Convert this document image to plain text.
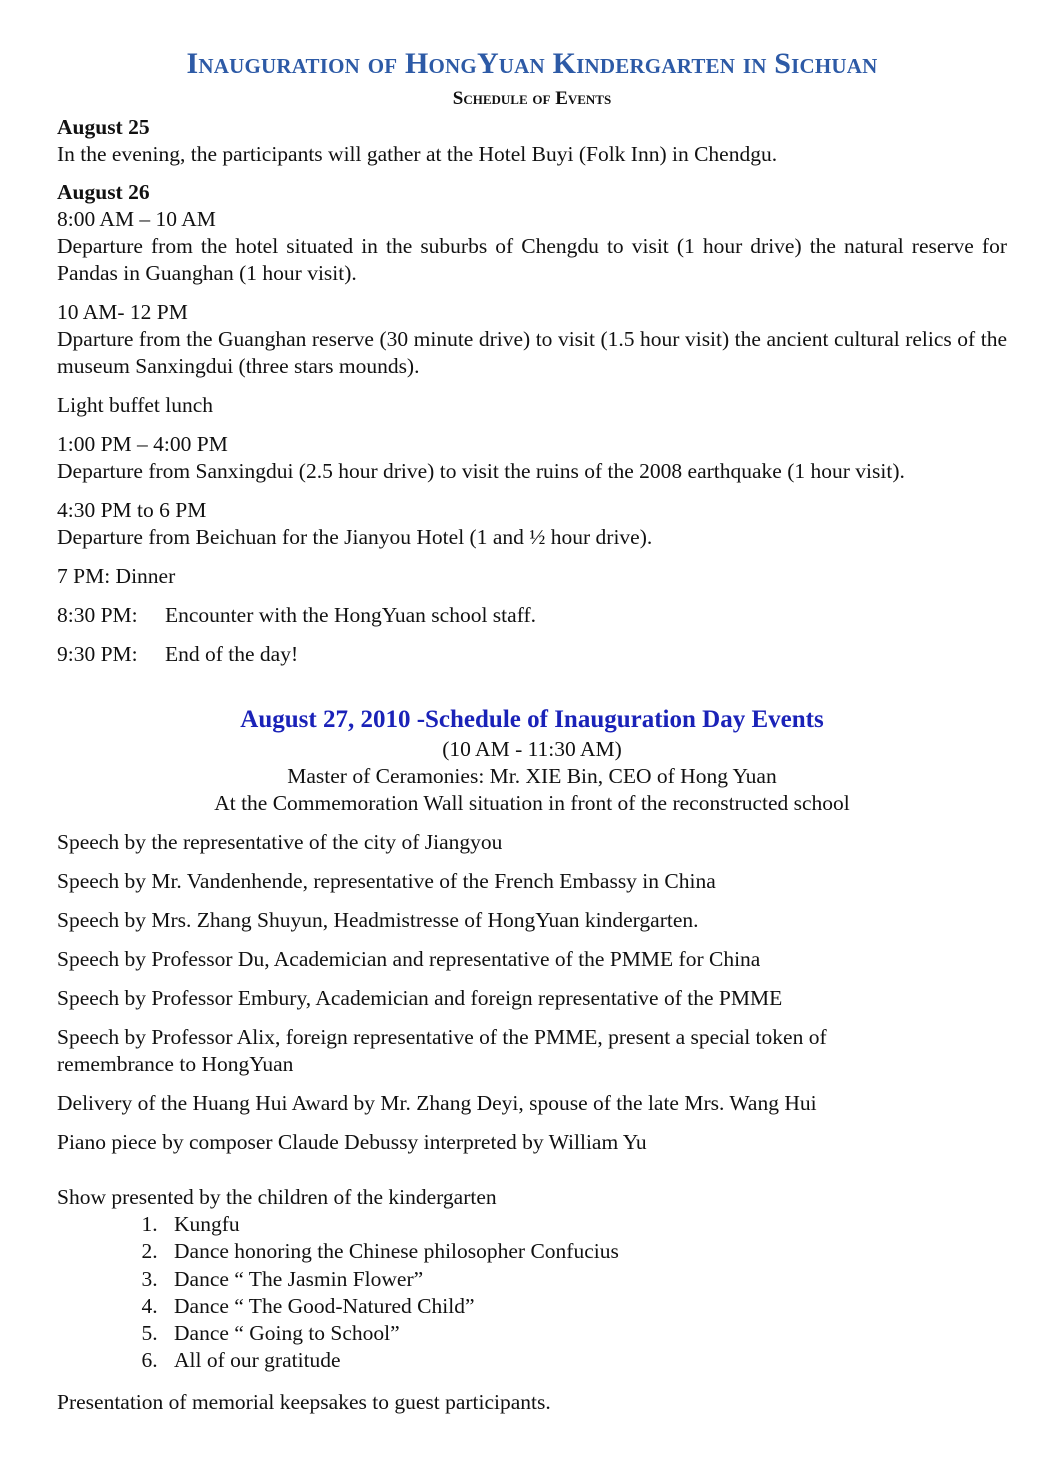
Inauguration of HongYuan Kindergarten in Sichuan
Schedule of Events
August 25
In the evening, the participants will gather at the Hotel Buyi (Folk Inn) in Chendgu.
August 26
8:00 AM – 10 AM
Departure from the hotel situated in the suburbs of Chengdu to visit (1 hour drive) the natural reserve for Pandas in Guanghan (1 hour visit).
10 AM- 12 PM
Dparture from the Guanghan reserve (30 minute drive) to visit (1.5 hour visit) the ancient cultural relics of the museum Sanxingdui (three stars mounds).
Light buffet lunch
1:00 PM – 4:00 PM
Departure from Sanxingdui (2.5 hour drive) to visit the ruins of the 2008 earthquake (1 hour visit).
4:30 PM to 6 PM
Departure from Beichuan for the Jianyou Hotel (1 and ½ hour drive).
7 PM: Dinner
8:30 PM:	Encounter with the HongYuan school staff.
9:30 PM:	End of the day!
August 27, 2010 -Schedule of Inauguration Day Events
(10 AM - 11:30 AM)
Master of Ceramonies: Mr. XIE Bin, CEO of Hong Yuan
At the Commemoration Wall situation in front of the reconstructed school
Speech by the representative of the city of Jiangyou
Speech by Mr. Vandenhende, representative of the French Embassy in China
Speech by Mrs. Zhang Shuyun, Headmistresse of HongYuan kindergarten.
Speech by Professor Du, Academician and representative of the PMME for China
Speech by Professor Embury, Academician and foreign representative of the PMME
Speech by Professor Alix, foreign representative of the PMME, present a special token of remembrance to HongYuan
Delivery of the Huang Hui Award by Mr. Zhang Deyi, spouse of the late Mrs. Wang Hui
Piano piece by composer Claude Debussy interpreted by William Yu
Show presented by the children of the kindergarten
1. Kungfu
2. Dance honoring the Chinese philosopher Confucius
3. Dance “ The Jasmin Flower”
4. Dance “ The Good-Natured Child”
5. Dance “ Going to School”
6. All of our gratitude
Presentation of memorial keepsakes to guest participants.
